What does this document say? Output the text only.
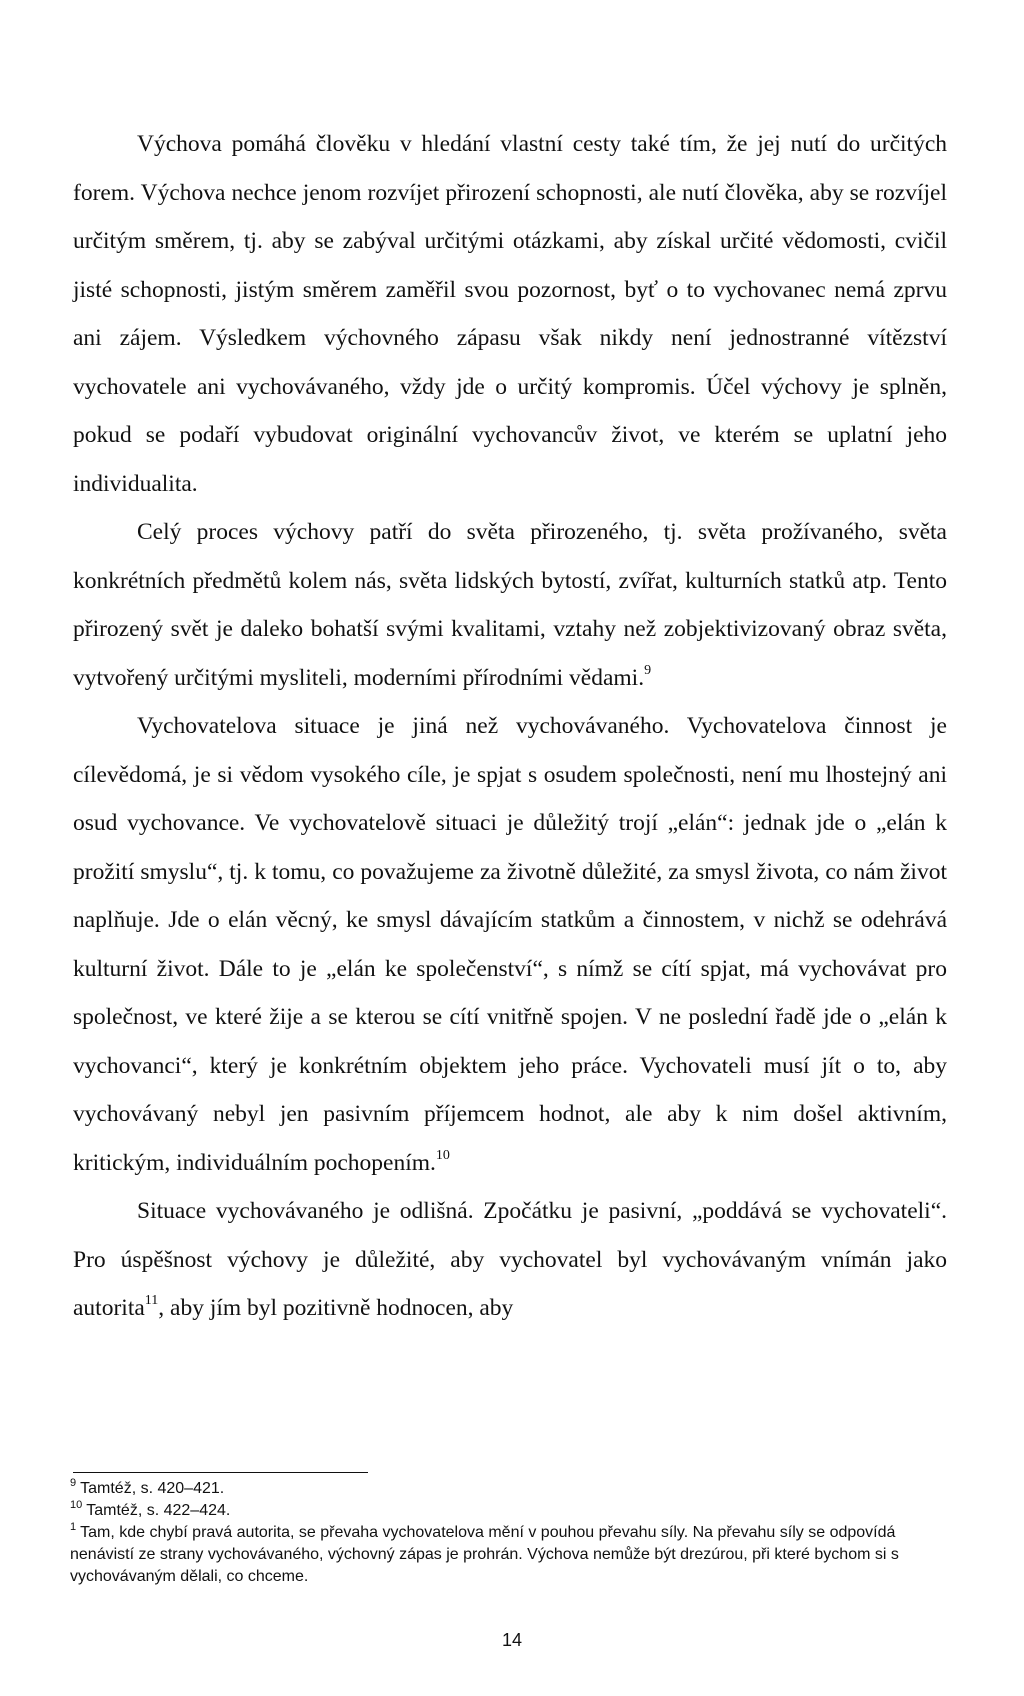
Výchova pomáhá člověku v hledání vlastní cesty také tím, že jej nutí do určitých forem. Výchova nechce jenom rozvíjet přirození schopnosti, ale nutí člověka, aby se rozvíjel určitým směrem, tj. aby se zabýval určitými otázkami, aby získal určité vědomosti, cvičil jisté schopnosti, jistým směrem zaměřil svou pozornost, byť o to vychovanec nemá zprvu ani zájem. Výsledkem výchovného zápasu však nikdy není jednostranné vítězství vychovatele ani vychovávaného, vždy jde o určitý kompromis. Účel výchovy je splněn, pokud se podaří vybudovat originální vychovancův život, ve kterém se uplatní jeho individualita.

Celý proces výchovy patří do světa přirozeného, tj. světa prožívaného, světa konkrétních předmětů kolem nás, světa lidských bytostí, zvířat, kulturních statků atp. Tento přirozený svět je daleko bohatší svými kvalitami, vztahy než zobjektivizovaný obraz světa, vytvořený určitými mysliteli, moderními přírodními vědami.$^9$

Vychovatelova situace je jiná než vychovávaného. Vychovatelova činnost je cílevědomá, je si vědom vysokého cíle, je spjat s osudem společnosti, není mu lhostejný ani osud vychovance. Ve vychovatelově situaci je důležitý trojí „elán“: jednak jde o „elán k prožití smyslu“, tj. k tomu, co považujeme za životně důležité, za smysl života, co nám život naplňuje. Jde o elán věcný, ke smysl dávajícím statkům a činnostem, v nichž se odehrává kulturní život. Dále to je „elán ke společenství“, s nímž se cítí spjat, má vychovávat pro společnost, ve které žije a se kterou se cítí vnitřně spojen. V ne poslední řadě jde o „elán k vychovanci“, který je konkrétním objektem jeho práce. Vychovateli musí jít o to, aby vychovávaný nebyl jen pasivním příjemcem hodnot, ale aby k nim došel aktivním, kritickým, individuálním pochopením.$^{10}$

Situace vychovávaného je odlišná. Zpočátku je pasivní, „poddává se vychovateli“. Pro úspěšnost výchovy je důležité, aby vychovatel byl vychovávaným vnímán jako autorita$^{11}$, aby jím byl pozitivně hodnocen, aby

$^9$ Tamtéž, s. 420–421.

$^{10}$ Tamtéž, s. 422–424.

$^1$ Tam, kde chybí pravá autorita, se převaha vychovatelova mění v pouhou převahu síly. Na převahu síly se odpovídá nenávistí ze strany vychovávaného, výchovný zápas je prohrán. Výchova nemůže být drezúrou, při které bychom si s vychovávaným dělali, co chceme.

14
